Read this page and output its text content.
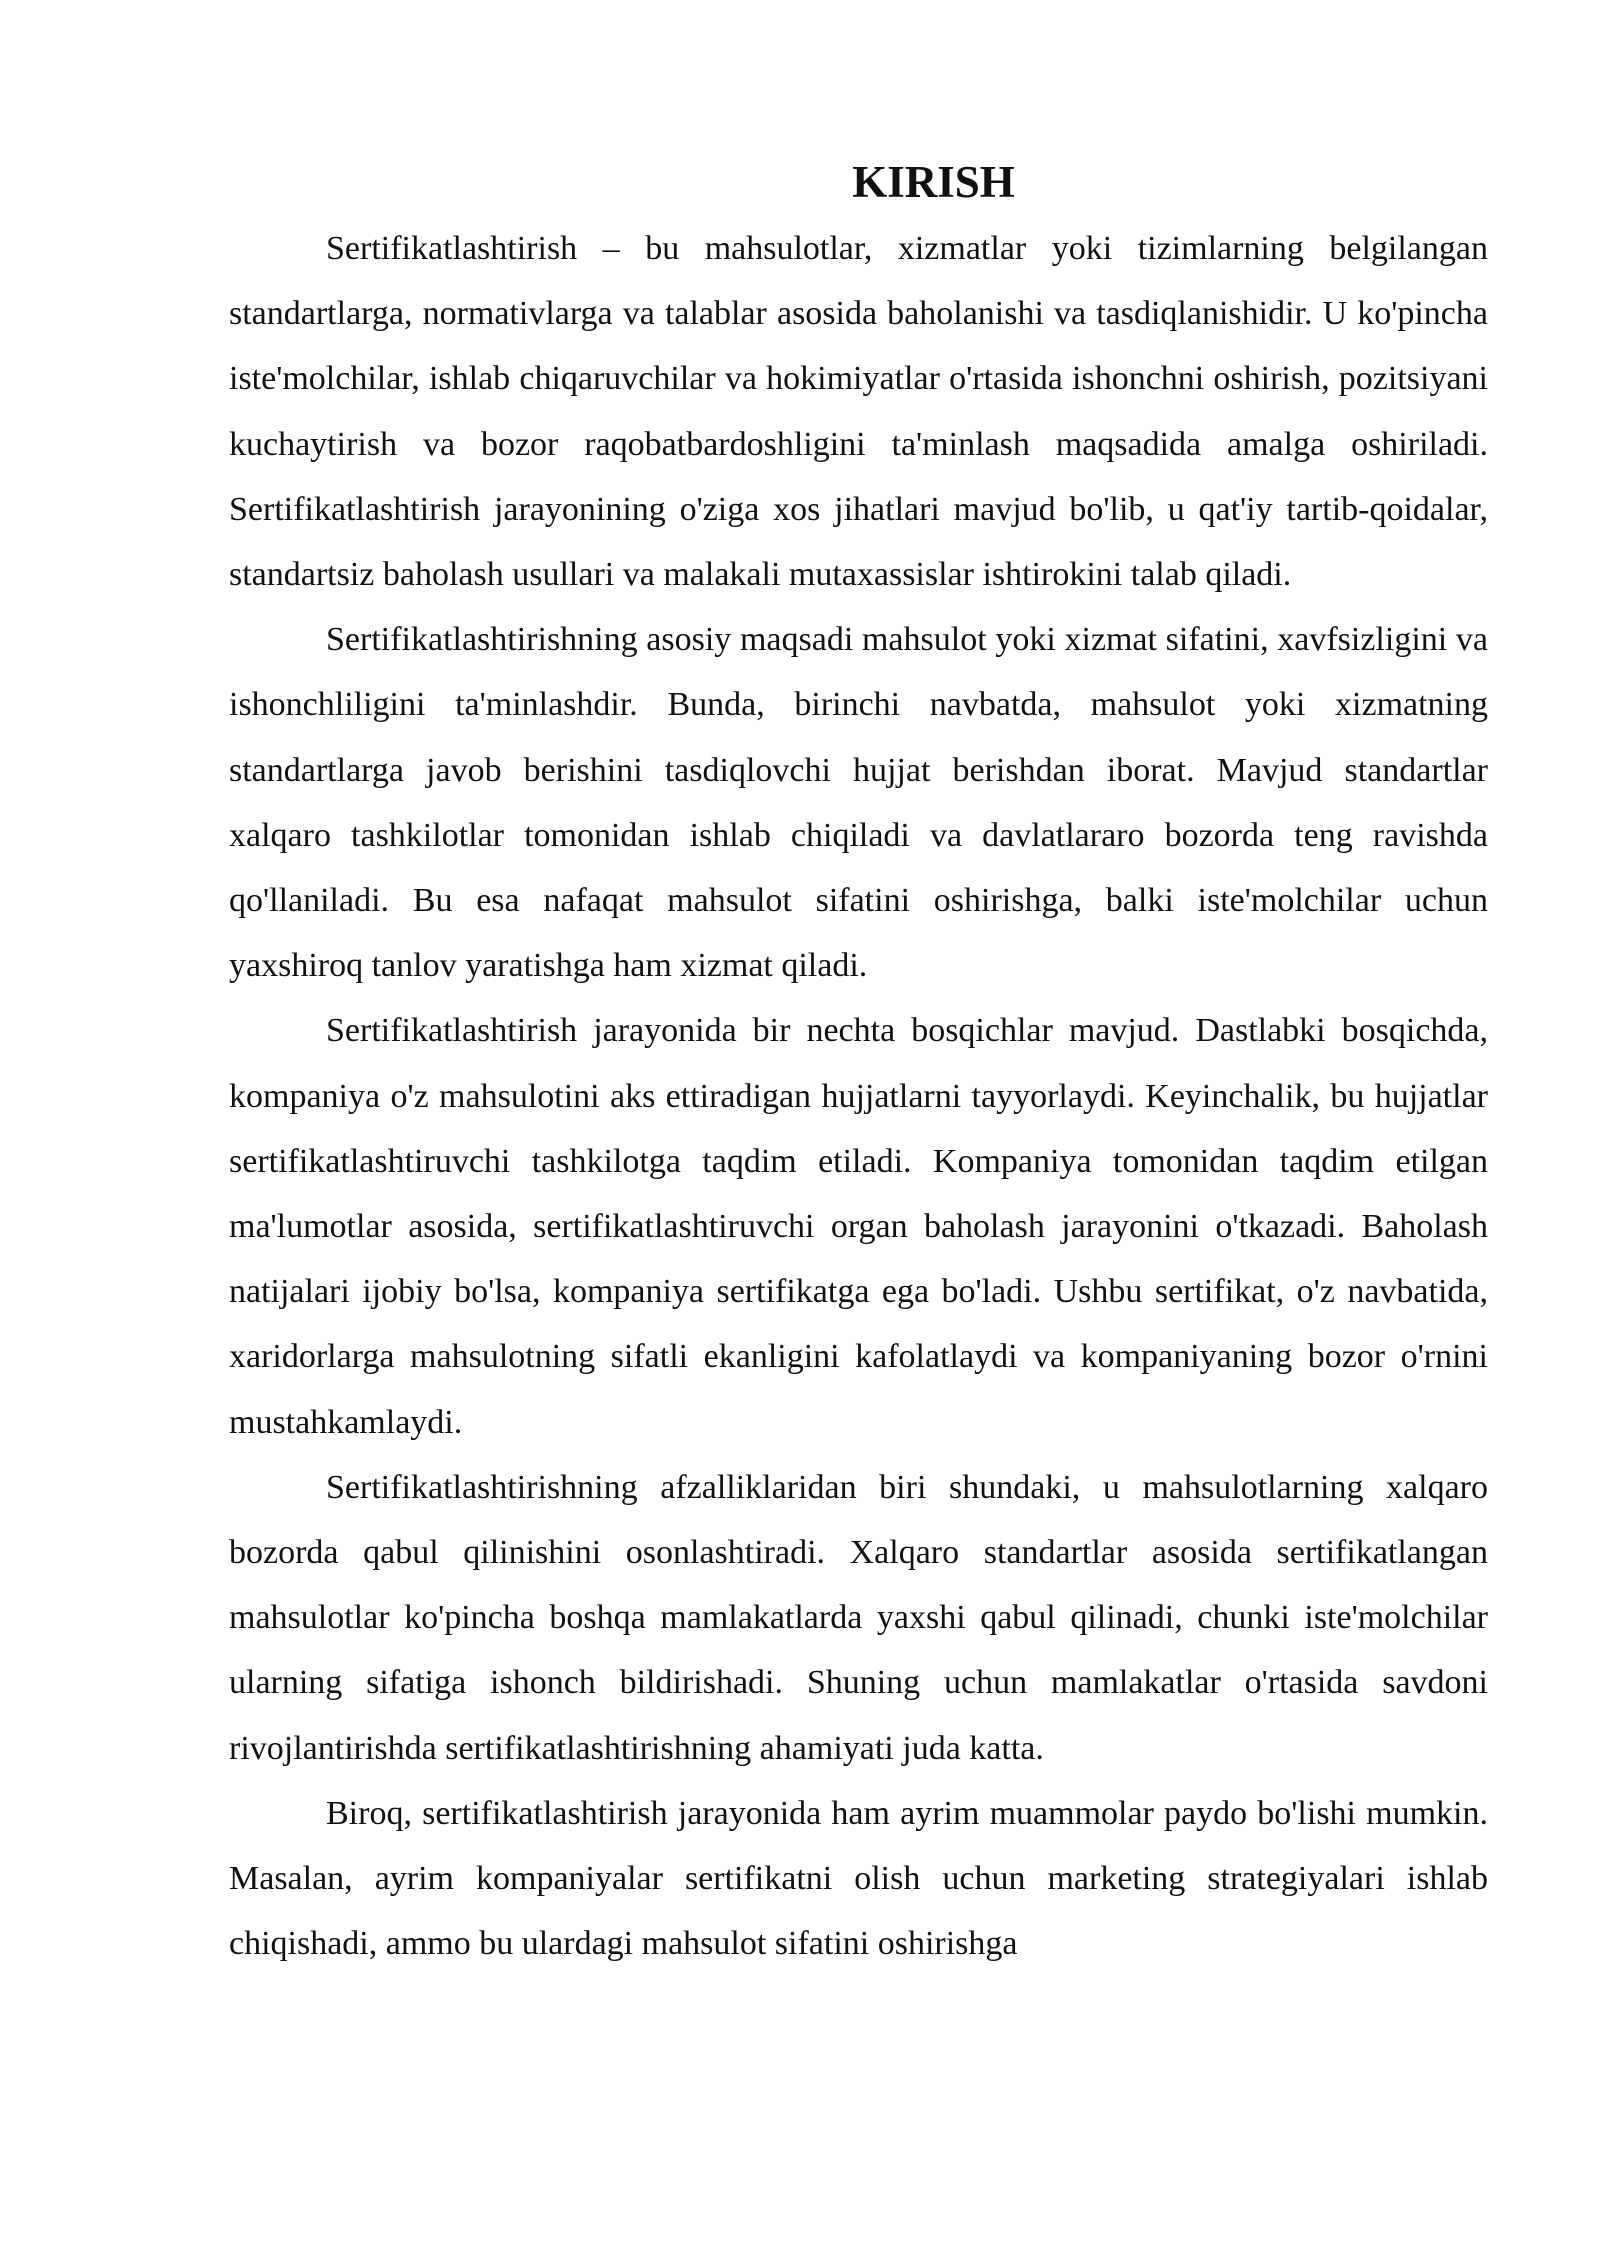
KIRISH

Sertifikatlashtirish – bu mahsulotlar, xizmatlar yoki tizimlarning belgilangan standartlarga, normativlarga va talablar asosida baholanishi va tasdiqlanishidir. U ko'pincha iste'molchilar, ishlab chiqaruvchilar va hokimiyatlar o'rtasida ishonchni oshirish, pozitsiyani kuchaytirish va bozor raqobatbardoshligini ta'minlash maqsadida amalga oshiriladi. Sertifikatlashtirish jarayonining o'ziga xos jihatlari mavjud bo'lib, u qat'iy tartib-qoidalar, standartsiz baholash usullari va malakali mutaxassislar ishtirokini talab qiladi.

Sertifikatlashtirishning asosiy maqsadi mahsulot yoki xizmat sifatini, xavfsizligini va ishonchliligini ta'minlashdir. Bunda, birinchi navbatda, mahsulot yoki xizmatning standartlarga javob berishini tasdiqlovchi hujjat berishdan iborat. Mavjud standartlar xalqaro tashkilotlar tomonidan ishlab chiqiladi va davlatlararo bozorda teng ravishda qo'llaniladi. Bu esa nafaqat mahsulot sifatini oshirishga, balki iste'molchilar uchun yaxshiroq tanlov yaratishga ham xizmat qiladi.

Sertifikatlashtirish jarayonida bir nechta bosqichlar mavjud. Dastlabki bosqichda, kompaniya o'z mahsulotini aks ettiradigan hujjatlarni tayyorlaydi. Keyinchalik, bu hujjatlar sertifikatlashtiruvchi tashkilotga taqdim etiladi. Kompaniya tomonidan taqdim etilgan ma'lumotlar asosida, sertifikatlashtiruvchi organ baholash jarayonini o'tkazadi. Baholash natijalari ijobiy bo'lsa, kompaniya sertifikatga ega bo'ladi. Ushbu sertifikat, o'z navbatida, xaridorlarga mahsulotning sifatli ekanligini kafolatlaydi va kompaniyaning bozor o'rnini mustahkamlaydi.

Sertifikatlashtirishning afzalliklaridan biri shundaki, u mahsulotlarning xalqaro bozorda qabul qilinishini osonlashtiradi. Xalqaro standartlar asosida sertifikatlangan mahsulotlar ko'pincha boshqa mamlakatlarda yaxshi qabul qilinadi, chunki iste'molchilar ularning sifatiga ishonch bildirishadi. Shuning uchun mamlakatlar o'rtasida savdoni rivojlantirishda sertifikatlashtirishning ahamiyati juda katta.

Biroq, sertifikatlashtirish jarayonida ham ayrim muammolar paydo bo'lishi mumkin. Masalan, ayrim kompaniyalar sertifikatni olish uchun marketing strategiyalari ishlab chiqishadi, ammo bu ulardagi mahsulot sifatini oshirishga
